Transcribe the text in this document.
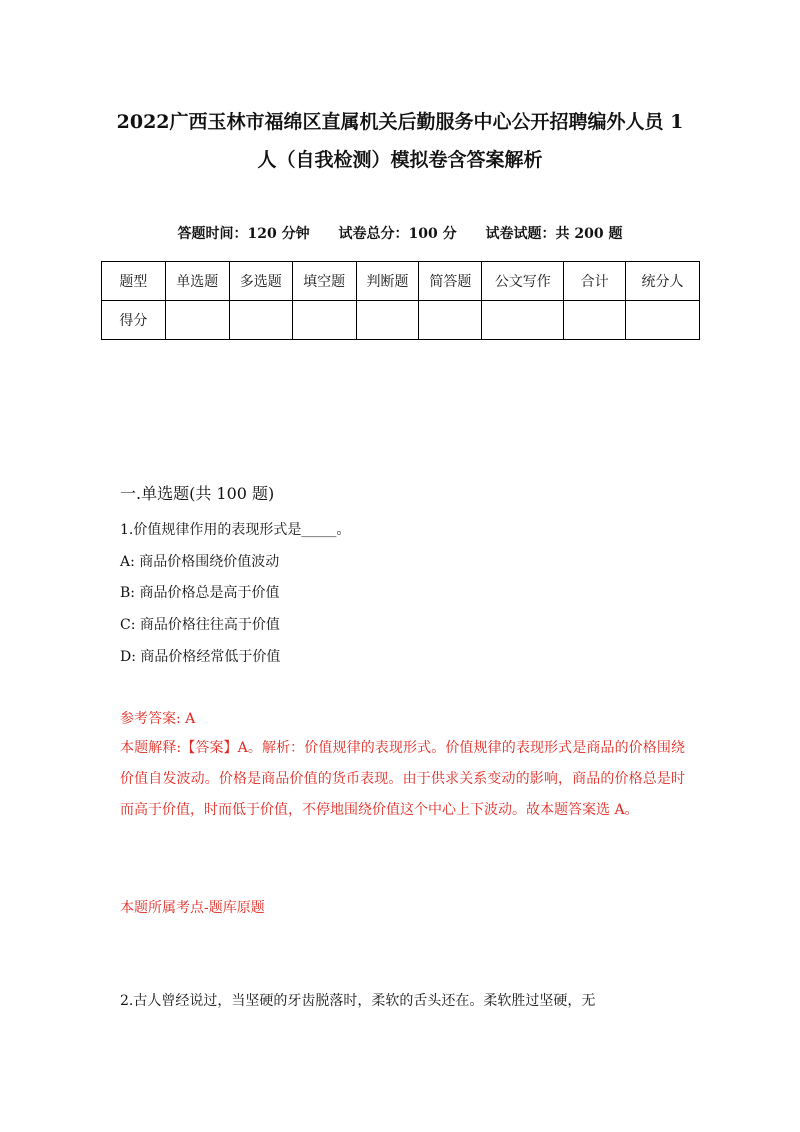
2022广西玉林市福绵区直属机关后勤服务中心公开招聘编外人员 1
人（自我检测）模拟卷含答案解析
答题时间：120 分钟 试卷总分：100 分 试卷试题：共 200 题
题型	单选题	多选题	填空题	判断题	简答题	公文写作	合计	统分人
得分								
一.单选题(共 100 题)
1.价值规律作用的表现形式是_____。
A: 商品价格围绕价值波动
B: 商品价格总是高于价值
C: 商品价格往往高于价值
D: 商品价格经常低于价值
参考答案: A
本题解释:【答案】A。解析：价值规律的表现形式。价值规律的表现形式是商品的价格围绕价值自发波动。价格是商品价值的货币表现。由于供求关系变动的影响，商品的价格总是时而高于价值，时而低于价值，不停地围绕价值这个中心上下波动。故本题答案选 A。
本题所属考点-题库原题
2.古人曾经说过，当坚硬的牙齿脱落时，柔软的舌头还在。柔软胜过坚硬，无
